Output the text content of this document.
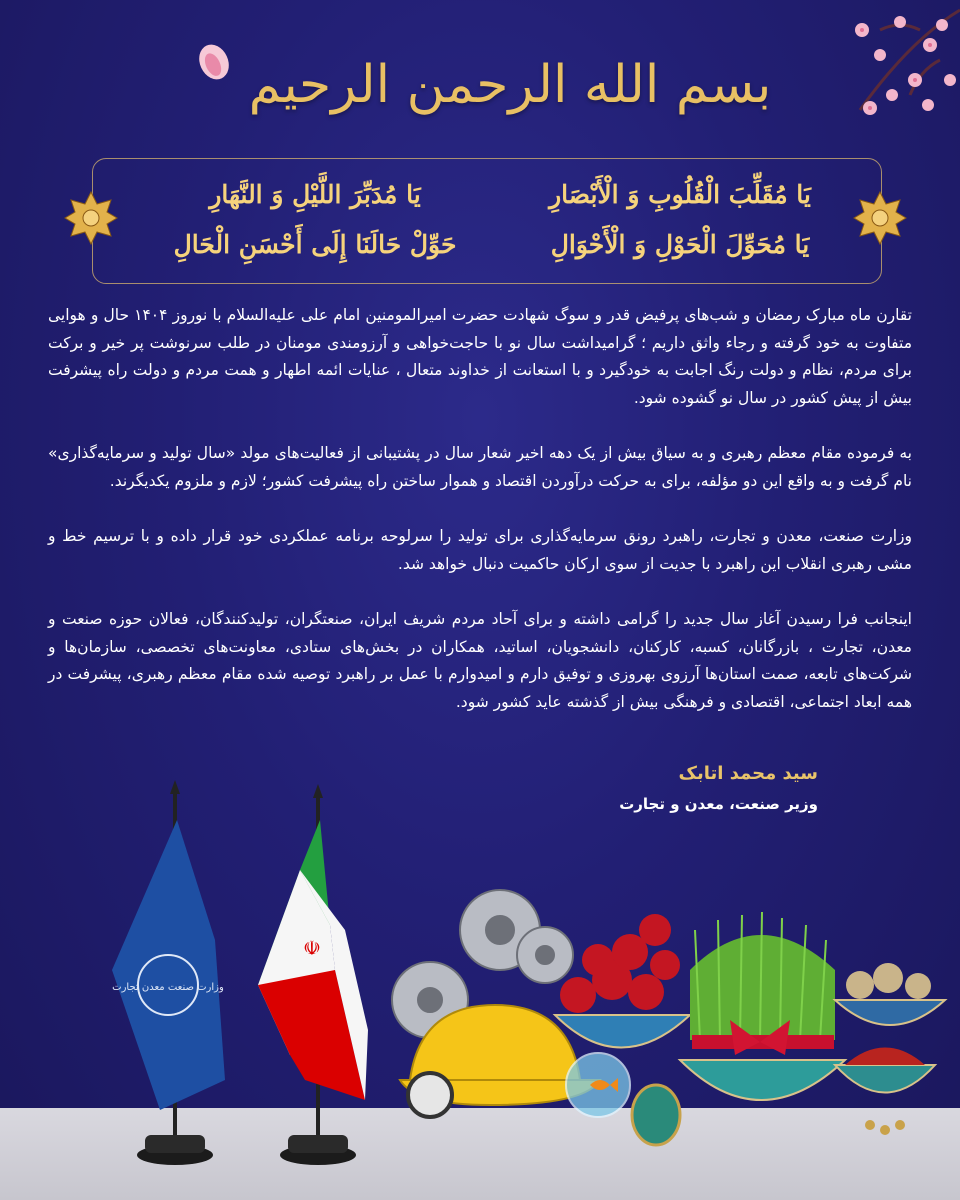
بسم الله الرحمن الرحیم
یَا مُقَلِّبَ الْقُلُوبِ وَ الْأَبْصَارِ
یَا مُحَوِّلَ الْحَوْلِ وَ الْأَحْوَالِ
یَا مُدَبِّرَ اللَّیْلِ وَ النَّهَارِ
حَوِّلْ حَالَنَا إِلَی أَحْسَنِ الْحَالِ

تقارن ماه مبارک رمضان و شب‌های پرفیض قدر و سوگ شهادت حضرت امیرالمومنین امام علی علیه‌السلام با نوروز ۱۴۰۴ حال و هوایی متفاوت به خود گرفته و رجاء واثق داریم ؛ گرامیداشت سال نو با حاجت‌خواهی و آرزومندی مومنان در طلب سرنوشت پر خیر و برکت برای مردم، نظام و دولت رنگ اجابت به خودگیرد و با استعانت از خداوند متعال ، عنایات ائمه اطهار و همت مردم و دولت راه پیشرفت بیش از پیش کشور در سال نو گشوده شود.

به فرموده مقام معظم رهبری و به سیاق بیش از یک دهه اخیر شعار سال در پشتیبانی از فعالیت‌های مولد «سال تولید و سرمایه‌گذاری» نام گرفت و به واقع این دو مؤلفه، برای به حرکت درآوردن اقتصاد و هموار ساختن راه پیشرفت کشور؛ لازم و ملزوم یکدیگرند.

وزارت صنعت، معدن و تجارت، راهبرد رونق سرمایه‌گذاری برای تولید را سرلوحه برنامه عملکردی خود قرار داده و با ترسیم خط و مشی رهبری انقلاب این راهبرد با جدیت از سوی ارکان حاکمیت دنبال خواهد شد.

اینجانب فرا رسیدن آغاز سال جدید را گرامی داشته و برای آحاد مردم شریف ایران، صنعتگران، تولیدکنندگان، فعالان حوزه صنعت و معدن، تجارت ، بازرگانان، کسبه، کارکنان، دانشجویان، اساتید، همکاران در بخش‌های ستادی، معاونت‌های تخصصی، سازمان‌ها و شرکت‌های تابعه، صمت استان‌ها آرزوی بهروزی و توفیق دارم و امیدوارم با عمل بر راهبرد توصیه شده مقام معظم رهبری، پیشرفت در همه ابعاد اجتماعی، اقتصادی و فرهنگی بیش از گذشته عاید کشور شود.

سید محمد اتابک
وزیر صنعت، معدن و تجارت
وزارت صنعت معدن تجارت
☫
